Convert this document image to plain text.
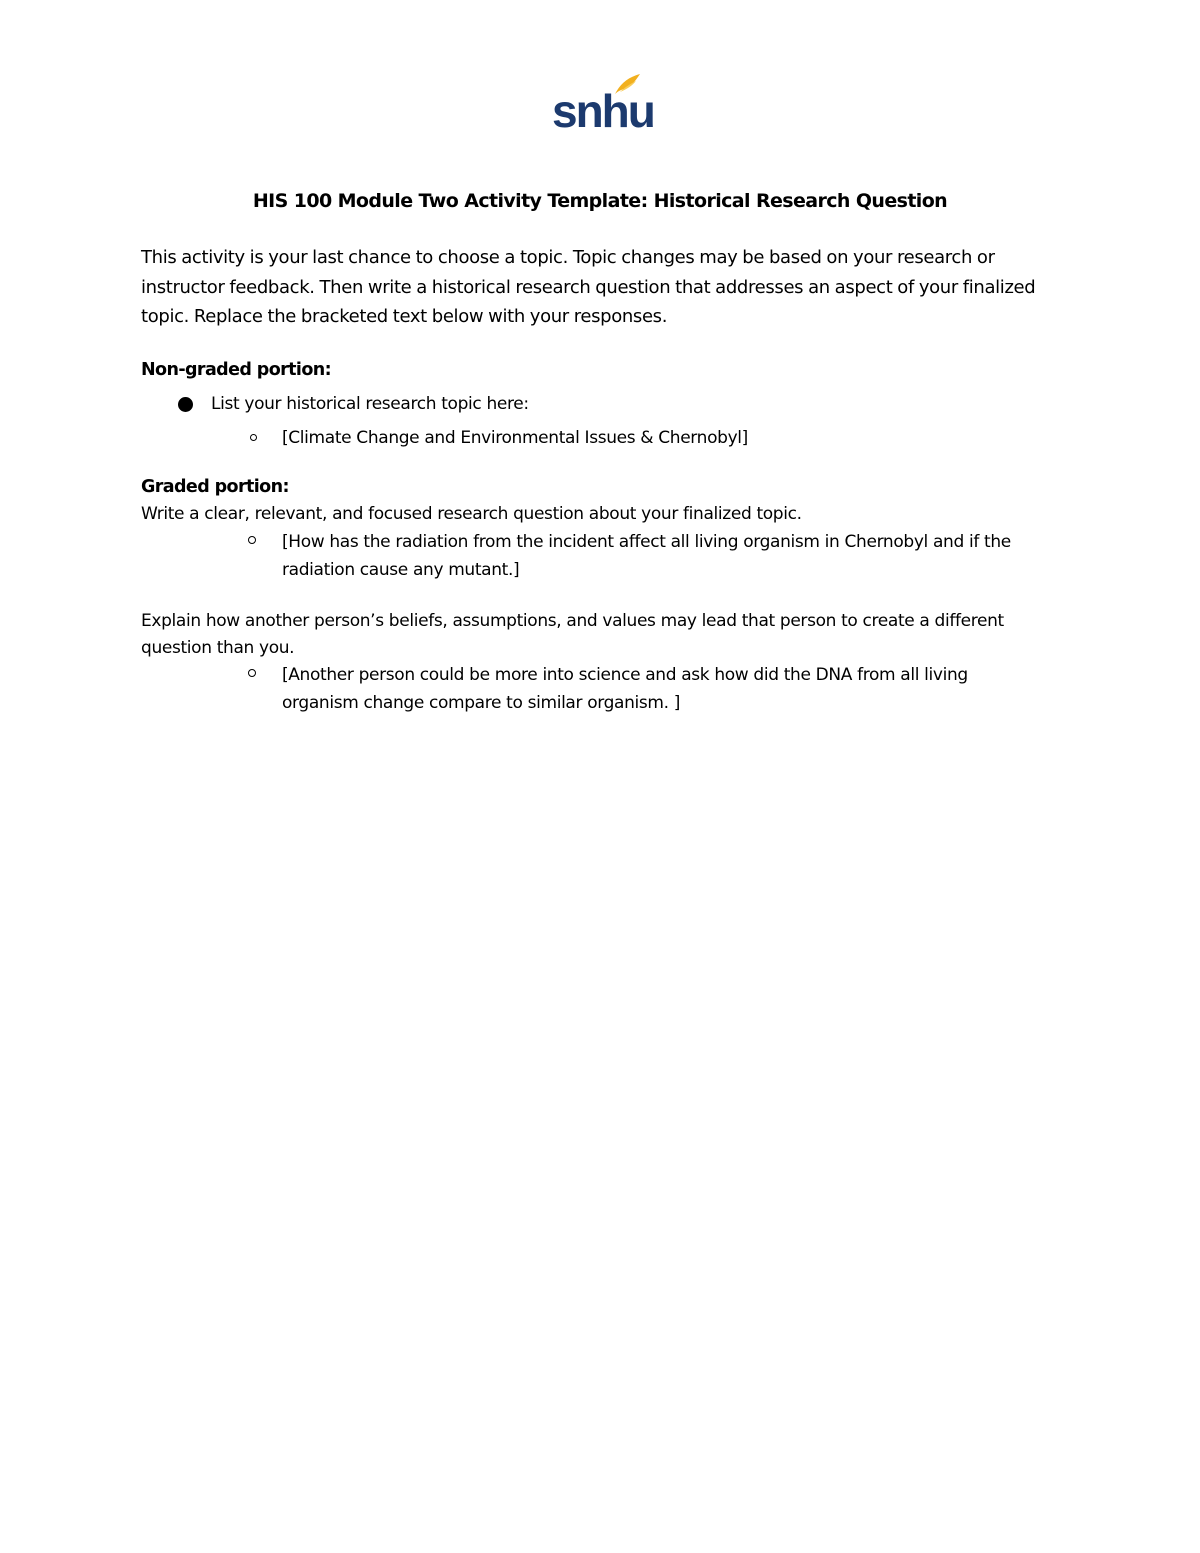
snhu
HIS 100 Module Two Activity Template: Historical Research Question
This activity is your last chance to choose a topic. Topic changes may be based on your research or instructor feedback. Then write a historical research question that addresses an aspect of your finalized topic. Replace the bracketed text below with your responses.
Non-graded portion:
List your historical research topic here:
[Climate Change and Environmental Issues & Chernobyl]
Graded portion:
Write a clear, relevant, and focused research question about your finalized topic.
[How has the radiation from the incident affect all living organism in Chernobyl and if the radiation cause any mutant.]
Explain how another person’s beliefs, assumptions, and values may lead that person to create a different question than you.
[Another person could be more into science and ask how did the DNA from all living organism change compare to similar organism. ]
